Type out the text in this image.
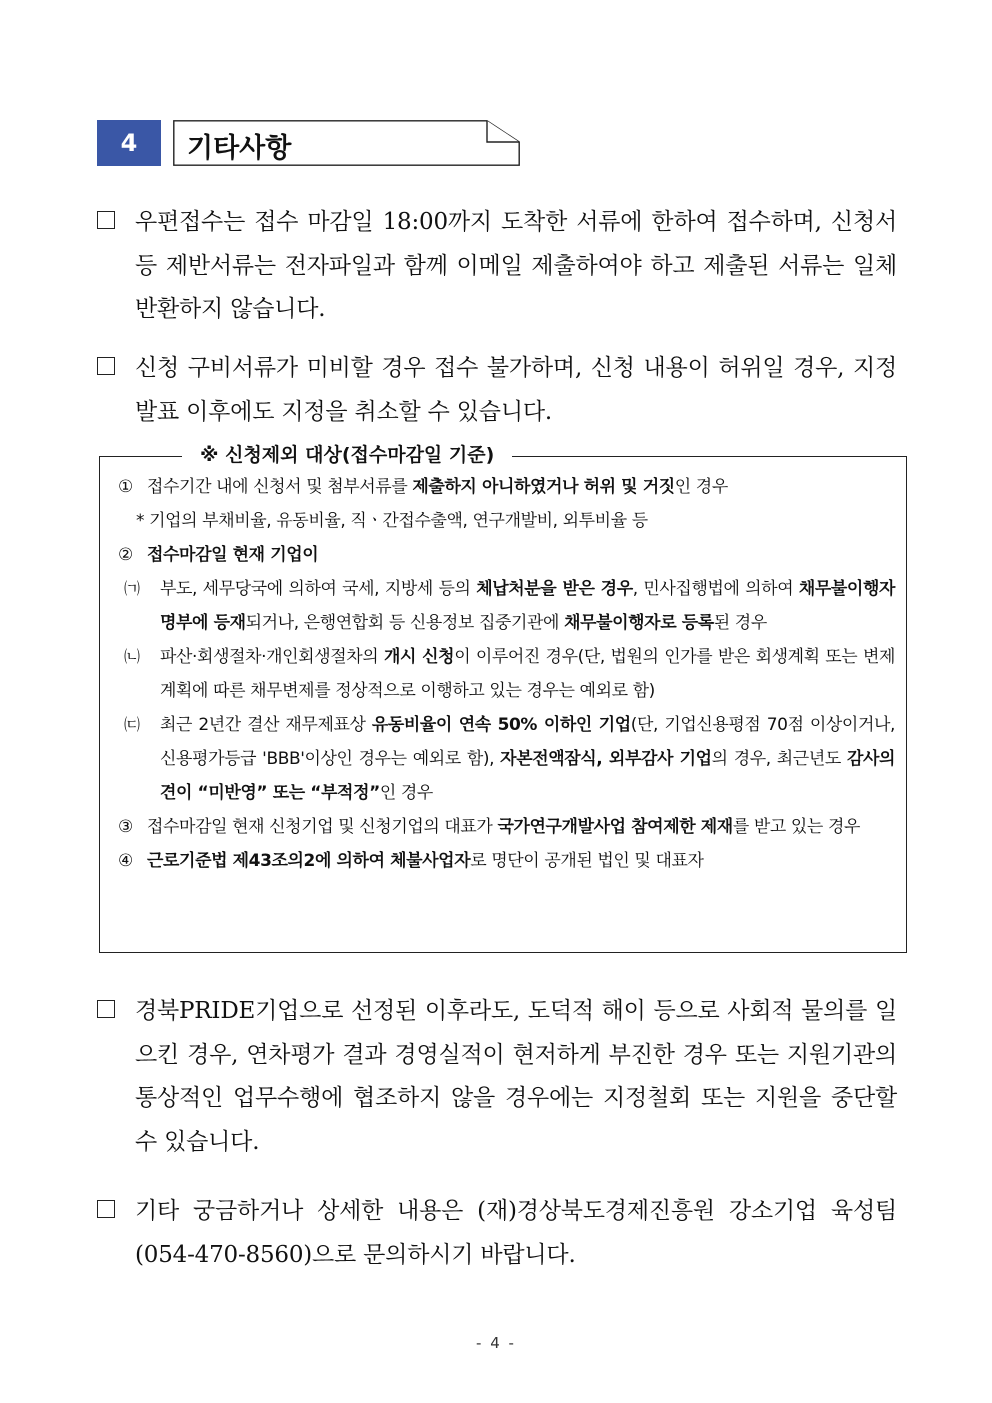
4	기타사항

우편접수는 접수 마감일 18:00까지 도착한 서류에 한하여 접수하며, 신청서 등 제반서류는 전자파일과 함께 이메일 제출하여야 하고 제출된 서류는 일체 반환하지 않습니다.

신청 구비서류가 미비할 경우 접수 불가하며, 신청 내용이 허위일 경우, 지정발표 이후에도 지정을 취소할 수 있습니다.

※ 신청제외 대상(접수마감일 기준)
① 접수기간 내에 신청서 및 첨부서류를 제출하지 아니하였거나 허위 및 거짓인 경우
* 기업의 부채비율, 유동비율, 직ㆍ간접수출액, 연구개발비, 외투비율 등
② 접수마감일 현재 기업이
㈀ 부도, 세무당국에 의하여 국세, 지방세 등의 체납처분을 받은 경우, 민사집행법에 의하여 채무불이행자명부에 등재되거나, 은행연합회 등 신용정보 집중기관에 채무불이행자로 등록된 경우
㈁ 파산·회생절차·개인회생절차의 개시 신청이 이루어진 경우(단, 법원의 인가를 받은 회생계획 또는 변제계획에 따른 채무변제를 정상적으로 이행하고 있는 경우는 예외로 함)
㈂ 최근 2년간 결산 재무제표상 유동비율이 연속 50% 이하인 기업(단, 기업신용평점 70점 이상이거나, 신용평가등급 'BBB'이상인 경우는 예외로 함), 자본전액잠식, 외부감사 기업의 경우, 최근년도 감사의견이 “미반영” 또는 “부적정”인 경우
③ 접수마감일 현재 신청기업 및 신청기업의 대표가 국가연구개발사업 참여제한 제재를 받고 있는 경우
④ 근로기준법 제43조의2에 의하여 체불사업자로 명단이 공개된 법인 및 대표자

경북PRIDE기업으로 선정된 이후라도, 도덕적 해이 등으로 사회적 물의를 일으킨 경우, 연차평가 결과 경영실적이 현저하게 부진한 경우 또는 지원기관의 통상적인 업무수행에 협조하지 않을 경우에는 지정철회 또는 지원을 중단할 수 있습니다.

기타 궁금하거나 상세한 내용은 (재)경상북도경제진흥원 강소기업 육성팀(054-470-8560)으로 문의하시기 바랍니다.

- 4 -
